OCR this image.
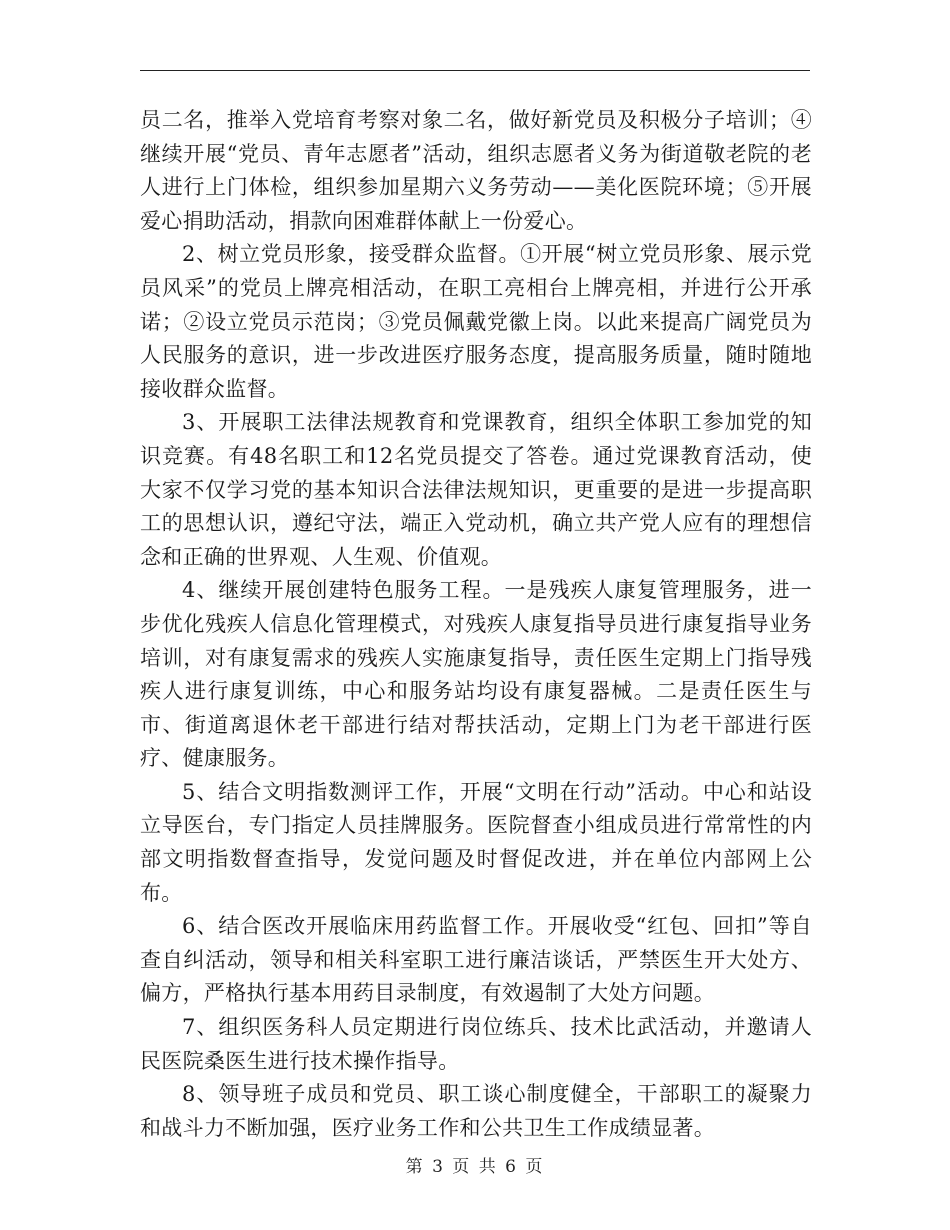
员二名，推举入党培育考察对象二名，做好新党员及积极分子培训；④继续开展“党员、青年志愿者”活动，组织志愿者义务为街道敬老院的老人进行上门体检，组织参加星期六义务劳动——美化医院环境；⑤开展爱心捐助活动，捐款向困难群体献上一份爱心。

2、树立党员形象，接受群众监督。①开展“树立党员形象、展示党员风采”的党员上牌亮相活动，在职工亮相台上牌亮相，并进行公开承诺；②设立党员示范岗；③党员佩戴党徽上岗。以此来提高广阔党员为人民服务的意识，进一步改进医疗服务态度，提高服务质量，随时随地接收群众监督。

3、开展职工法律法规教育和党课教育，组织全体职工参加党的知识竞赛。有48名职工和12名党员提交了答卷。通过党课教育活动，使大家不仅学习党的基本知识合法律法规知识，更重要的是进一步提高职工的思想认识，遵纪守法，端正入党动机，确立共产党人应有的理想信念和正确的世界观、人生观、价值观。

4、继续开展创建特色服务工程。一是残疾人康复管理服务，进一步优化残疾人信息化管理模式，对残疾人康复指导员进行康复指导业务培训，对有康复需求的残疾人实施康复指导，责任医生定期上门指导残疾人进行康复训练，中心和服务站均设有康复器械。二是责任医生与市、街道离退休老干部进行结对帮扶活动，定期上门为老干部进行医疗、健康服务。

5、结合文明指数测评工作，开展“文明在行动”活动。中心和站设立导医台，专门指定人员挂牌服务。医院督查小组成员进行常常性的内部文明指数督查指导，发觉问题及时督促改进，并在单位内部网上公布。

6、结合医改开展临床用药监督工作。开展收受“红包、回扣”等自查自纠活动，领导和相关科室职工进行廉洁谈话，严禁医生开大处方、偏方，严格执行基本用药目录制度，有效遏制了大处方问题。

7、组织医务科人员定期进行岗位练兵、技术比武活动，并邀请人民医院桑医生进行技术操作指导。

8、领导班子成员和党员、职工谈心制度健全，干部职工的凝聚力和战斗力不断加强，医疗业务工作和公共卫生工作成绩显著。

第 3 页 共 6 页
